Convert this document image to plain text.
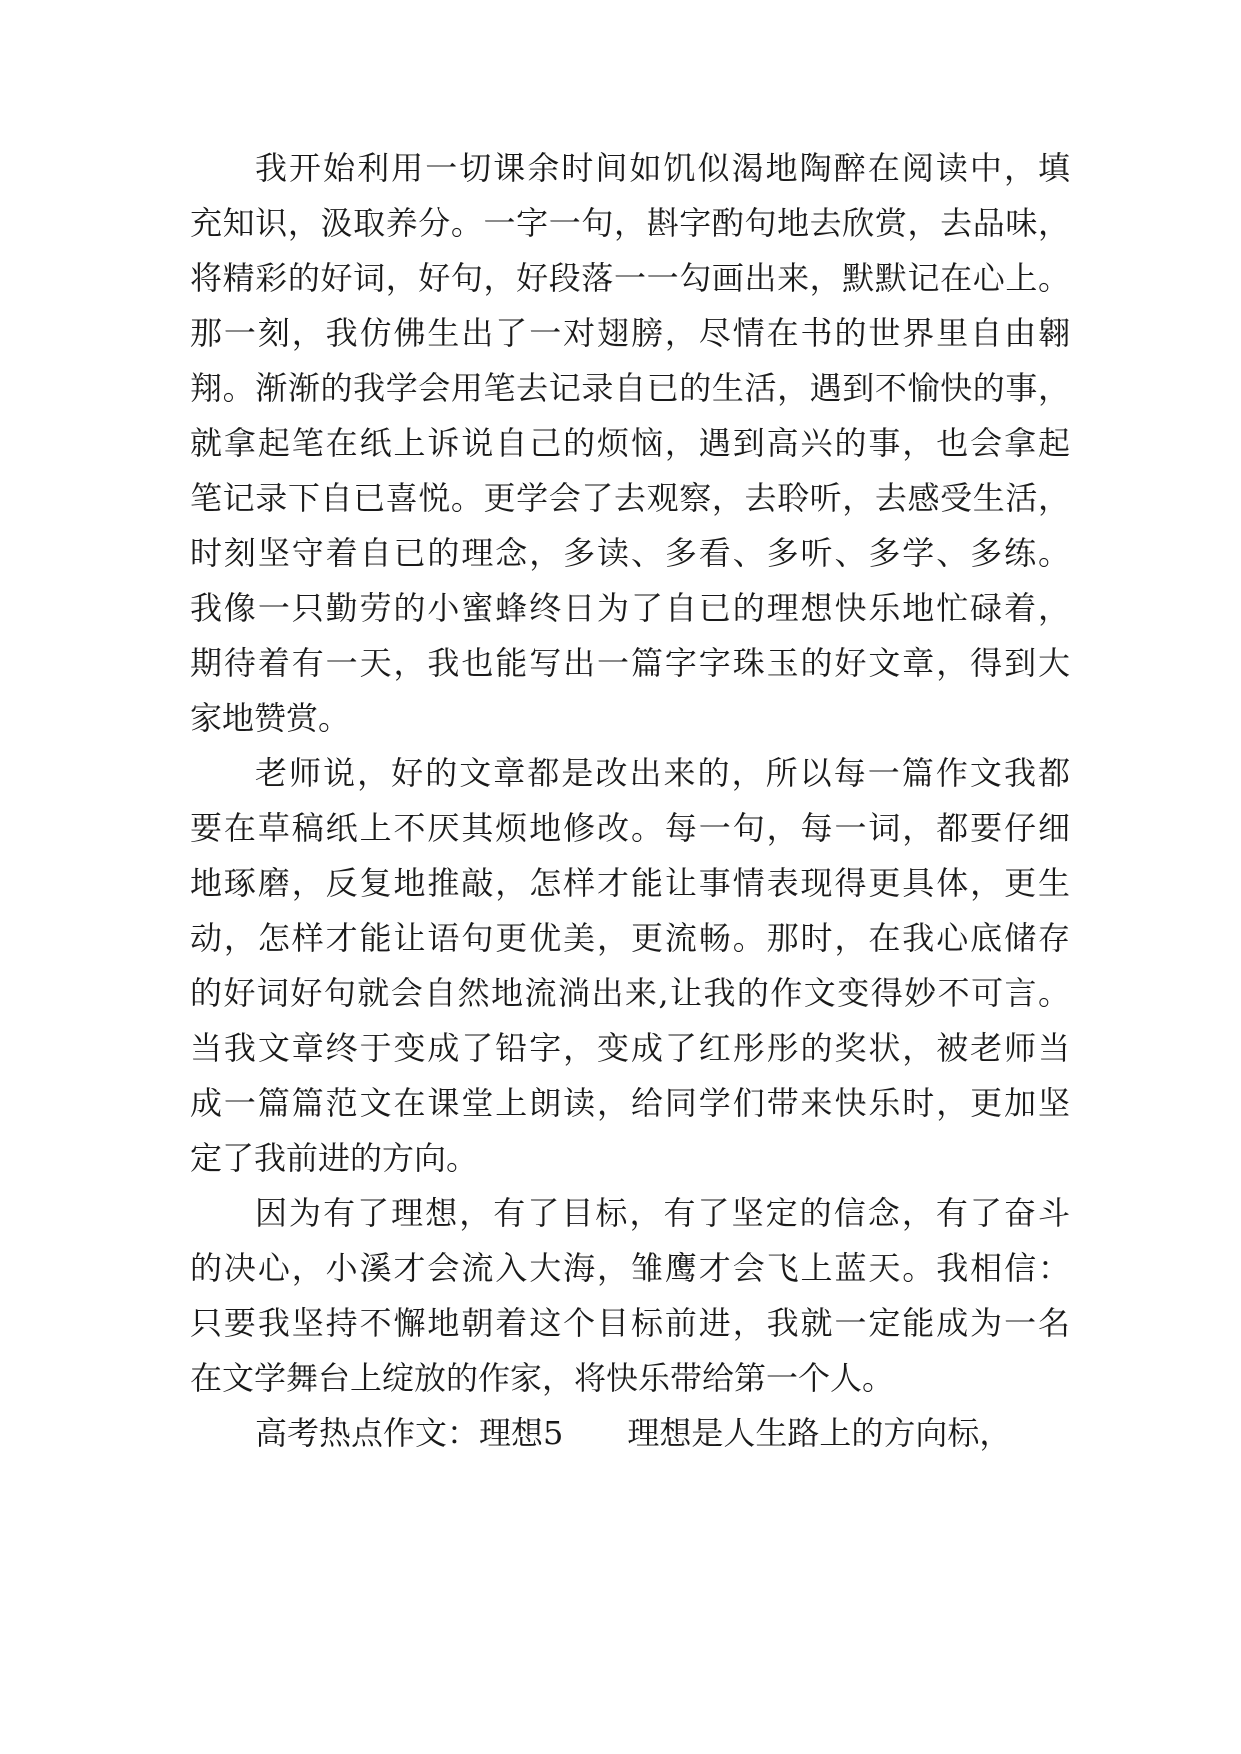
我开始利用一切课余时间如饥似渴地陶醉在阅读中，填
充知识，汲取养分。一字一句，斟字酌句地去欣赏，去品味，
将精彩的好词，好句，好段落一一勾画出来，默默记在心上。
那一刻，我仿佛生出了一对翅膀，尽情在书的世界里自由翱
翔。渐渐的我学会用笔去记录自已的生活，遇到不愉快的事，
就拿起笔在纸上诉说自己的烦恼，遇到高兴的事，也会拿起
笔记录下自已喜悦。更学会了去观察，去聆听，去感受生活，
时刻坚守着自已的理念，多读、多看、多听、多学、多练。
我像一只勤劳的小蜜蜂终日为了自已的理想快乐地忙碌着，
期待着有一天，我也能写出一篇字字珠玉的好文章，得到大
家地赞赏。
老师说，好的文章都是改出来的，所以每一篇作文我都
要在草稿纸上不厌其烦地修改。每一句，每一词，都要仔细
地琢磨，反复地推敲，怎样才能让事情表现得更具体，更生
动，怎样才能让语句更优美，更流畅。那时，在我心底储存
的好词好句就会自然地流淌出来,让我的作文变得妙不可言。
当我文章终于变成了铅字，变成了红彤彤的奖状，被老师当
成一篇篇范文在课堂上朗读，给同学们带来快乐时，更加坚
定了我前进的方向。
因为有了理想，有了目标，有了坚定的信念，有了奋斗
的决心，小溪才会流入大海，雏鹰才会飞上蓝天。我相信：
只要我坚持不懈地朝着这个目标前进，我就一定能成为一名
在文学舞台上绽放的作家，将快乐带给第一个人。
高考热点作文：理想5　　理想是人生路上的方向标，
